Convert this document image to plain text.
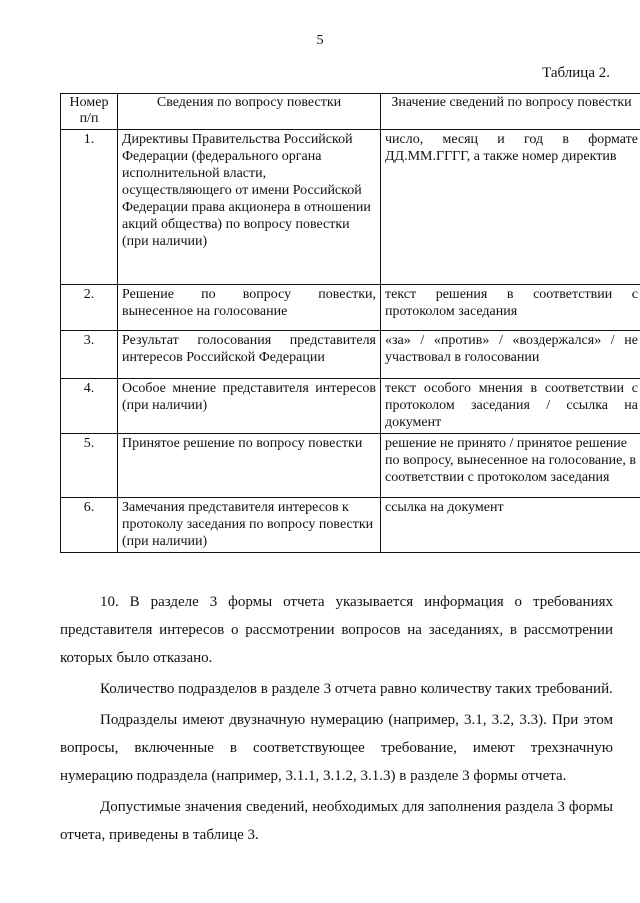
5
Таблица 2.
Номер п/п	Сведения по вопросу повестки	Значение сведений по вопросу повестки
1.	Директивы Правительства Российской Федерации (федерального органа исполнительной власти, осуществляющего от имени Российской Федерации права акционера в отношении акций общества) по вопросу повестки (при наличии)	число, месяц и год в формате ДД.ММ.ГГГГ, а также номер директив
2.	Решение по вопросу повестки, вынесенное на голосование	текст решения в соответствии с протоколом заседания
3.	Результат голосования представителя интересов Российской Федерации	«за» / «против» / «воздержался» / не участвовал в голосовании
4.	Особое мнение представителя интересов (при наличии)	текст особого мнения в соответствии с протоколом заседания / ссылка на документ
5.	Принятое решение по вопросу повестки	решение не принято / принятое решение по вопросу, вынесенное на голосование, в соответствии с протоколом заседания
6.	Замечания представителя интересов к протоколу заседания по вопросу повестки (при наличии)	ссылка на документ

10. В разделе 3 формы отчета указывается информация о требованиях представителя интересов о рассмотрении вопросов на заседаниях, в рассмотрении которых было отказано.

Количество подразделов в разделе 3 отчета равно количеству таких требований.

Подразделы имеют двузначную нумерацию (например, 3.1, 3.2, 3.3). При этом вопросы, включенные в соответствующее требование, имеют трехзначную нумерацию подраздела (например, 3.1.1, 3.1.2, 3.1.3) в разделе 3 формы отчета.

Допустимые значения сведений, необходимых для заполнения раздела 3 формы отчета, приведены в таблице 3.
